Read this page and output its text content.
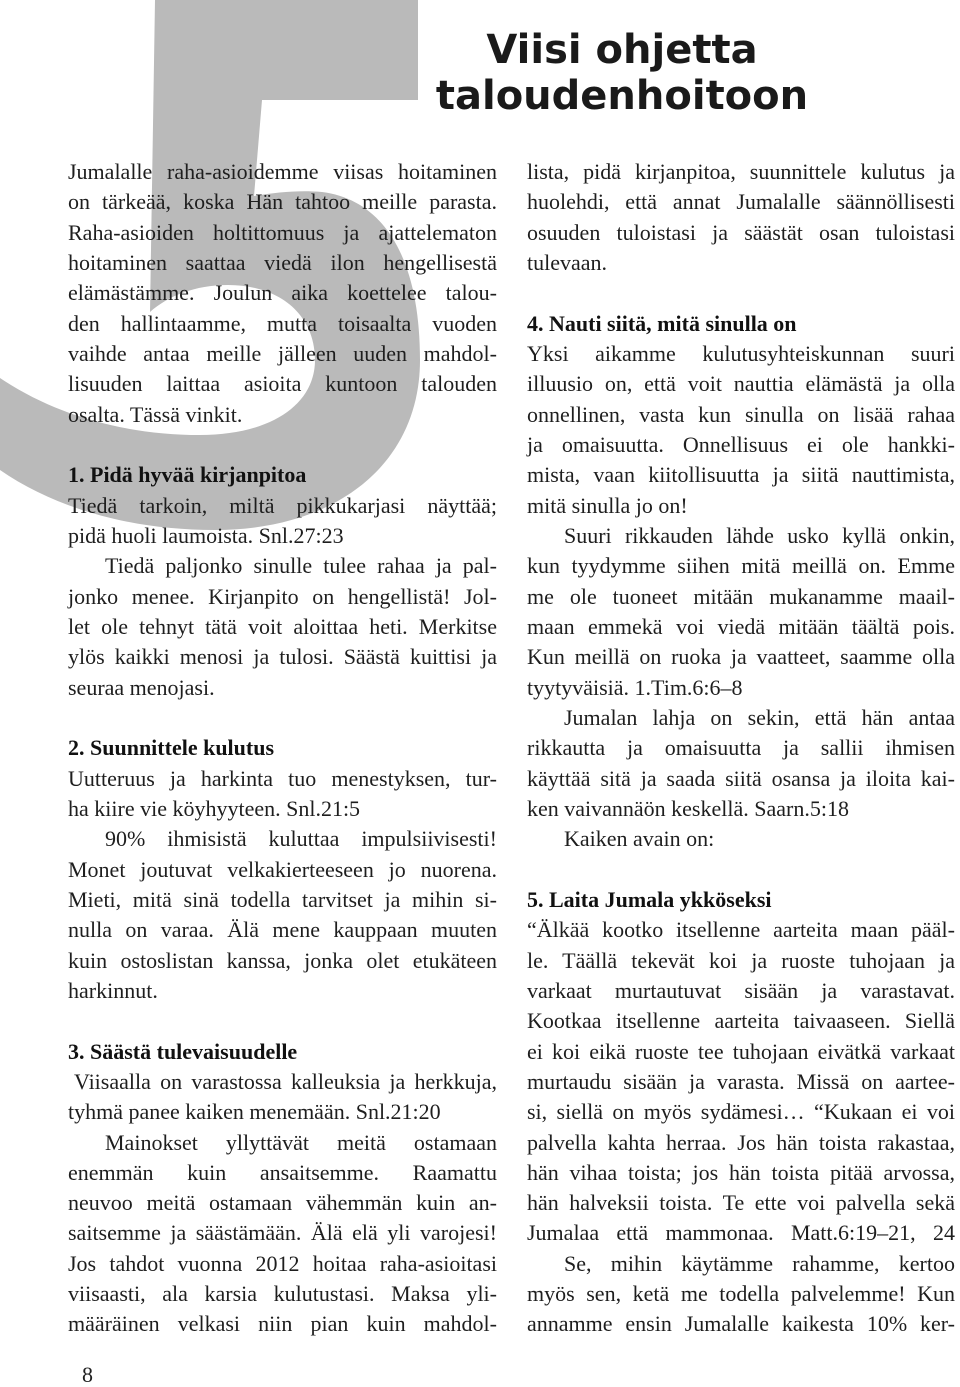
Viisi ohjetta
taloudenhoitoon
Jumalalle raha-asioidemme viisas hoitaminen
on tärkeää, koska Hän tahtoo meille parasta.
Raha-asioiden holtittomuus ja ajattelematon
hoitaminen saattaa viedä ilon hengellisestä
elämästämme. Joulun aika koettelee talou-
den hallintaamme, mutta toisaalta vuoden
vaihde antaa meille jälleen uuden mahdol-
lisuuden laittaa asioita kuntoon talouden
osalta. Tässä vinkit.
1. Pidä hyvää kirjanpitoa
Tiedä tarkoin, miltä pikkukarjasi näyttää;
pidä huoli laumoista. Snl.27:23
Tiedä paljonko sinulle tulee rahaa ja pal-
jonko menee. Kirjanpito on hengellistä! Jol-
let ole tehnyt tätä voit aloittaa heti. Merkitse
ylös kaikki menosi ja tulosi. Säästä kuittisi ja
seuraa menojasi.
2. Suunnittele kulutus
Uutteruus ja harkinta tuo menestyksen, tur-
ha kiire vie köyhyyteen. Snl.21:5
90% ihmisistä kuluttaa impulsiivisesti!
Monet joutuvat velkakierteeseen jo nuorena.
Mieti, mitä sinä todella tarvitset ja mihin si-
nulla on varaa. Älä mene kauppaan muuten
kuin ostoslistan kanssa, jonka olet etukäteen
harkinnut.
3. Säästä tulevaisuudelle
Viisaalla on varastossa kalleuksia ja herkkuja,
tyhmä panee kaiken menemään. Snl.21:20
Mainokset yllyttävät meitä ostamaan
enemmän kuin ansaitsemme. Raamattu
neuvoo meitä ostamaan vähemmän kuin an-
saitsemme ja säästämään. Älä elä yli varojesi!
Jos tahdot vuonna 2012 hoitaa raha-asioitasi
viisaasti, ala karsia kulutustasi. Maksa yli-
määräinen velkasi niin pian kuin mahdol-
lista, pidä kirjanpitoa, suunnittele kulutus ja
huolehdi, että annat Jumalalle säännöllisesti
osuuden tuloistasi ja säästät osan tuloistasi
tulevaan.
4. Nauti siitä, mitä sinulla on
Yksi aikamme kulutusyhteiskunnan suuri
illuusio on, että voit nauttia elämästä ja olla
onnellinen, vasta kun sinulla on lisää rahaa
ja omaisuutta. Onnellisuus ei ole hankki-
mista, vaan kiitollisuutta ja siitä nauttimista,
mitä sinulla jo on!
Suuri rikkauden lähde usko kyllä onkin,
kun tyydymme siihen mitä meillä on. Emme
me ole tuoneet mitään mukanamme maail-
maan emmekä voi viedä mitään täältä pois.
Kun meillä on ruoka ja vaatteet, saamme olla
tyytyväisiä. 1.Tim.6:6–8
Jumalan lahja on sekin, että hän antaa
rikkautta ja omaisuutta ja sallii ihmisen
käyttää sitä ja saada siitä osansa ja iloita kai-
ken vaivannäön keskellä. Saarn.5:18
Kaiken avain on:
5. Laita Jumala ykköseksi
“Älkää kootko itsellenne aarteita maan pääl-
le. Täällä tekevät koi ja ruoste tuhojaan ja
varkaat murtautuvat sisään ja varastavat.
Kootkaa itsellenne aarteita taivaaseen. Siellä
ei koi eikä ruoste tee tuhojaan eivätkä varkaat
murtaudu sisään ja varasta. Missä on aartee-
si, siellä on myös sydämesi… “Kukaan ei voi
palvella kahta herraa. Jos hän toista rakastaa,
hän vihaa toista; jos hän toista pitää arvossa,
hän halveksii toista. Te ette voi palvella sekä
Jumalaa että mammonaa. Matt.6:19–21, 24
Se, mihin käytämme rahamme, kertoo
myös sen, ketä me todella palvelemme! Kun
annamme ensin Jumalalle kaikesta 10% ker-
8
